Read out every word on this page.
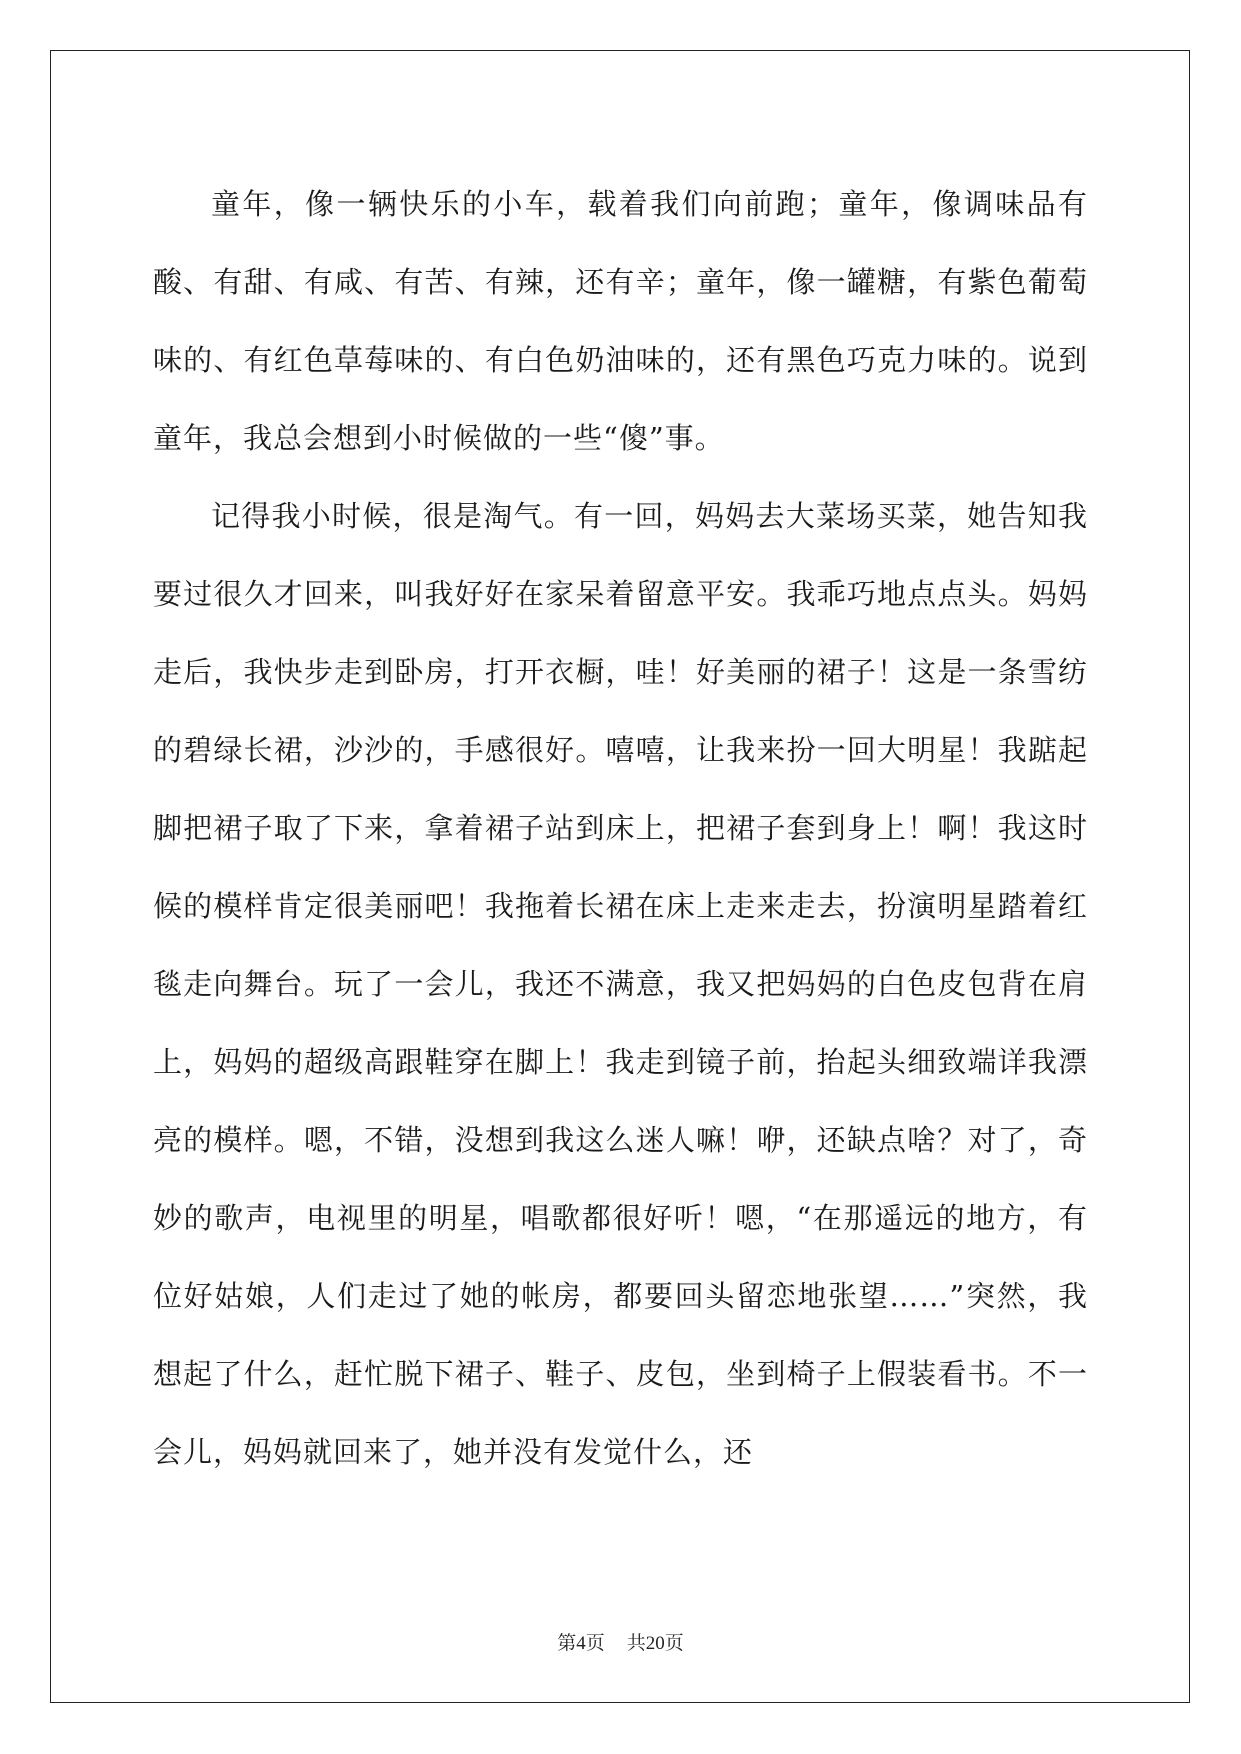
童年，像一辆快乐的小车，载着我们向前跑；童年，像调味品有酸、有甜、有咸、有苦、有辣，还有辛；童年，像一罐糖，有紫色葡萄味的、有红色草莓味的、有白色奶油味的，还有黑色巧克力味的。说到童年，我总会想到小时候做的一些“傻”事。

记得我小时候，很是淘气。有一回，妈妈去大菜场买菜，她告知我要过很久才回来，叫我好好在家呆着留意平安。我乖巧地点点头。妈妈走后，我快步走到卧房，打开衣橱，哇！好美丽的裙子！这是一条雪纺的碧绿长裙，沙沙的，手感很好。嘻嘻，让我来扮一回大明星！我踮起脚把裙子取了下来，拿着裙子站到床上，把裙子套到身上！啊！我这时候的模样肯定很美丽吧！我拖着长裙在床上走来走去，扮演明星踏着红毯走向舞台。玩了一会儿，我还不满意，我又把妈妈的白色皮包背在肩上，妈妈的超级高跟鞋穿在脚上！我走到镜子前，抬起头细致端详我漂亮的模样。嗯，不错，没想到我这么迷人嘛！咿，还缺点啥？对了，奇妙的歌声，电视里的明星，唱歌都很好听！嗯，“在那遥远的地方，有位好姑娘，人们走过了她的帐房，都要回头留恋地张望……”突然，我想起了什么，赶忙脱下裙子、鞋子、皮包，坐到椅子上假装看书。不一会儿，妈妈就回来了，她并没有发觉什么，还

第4页 共20页
